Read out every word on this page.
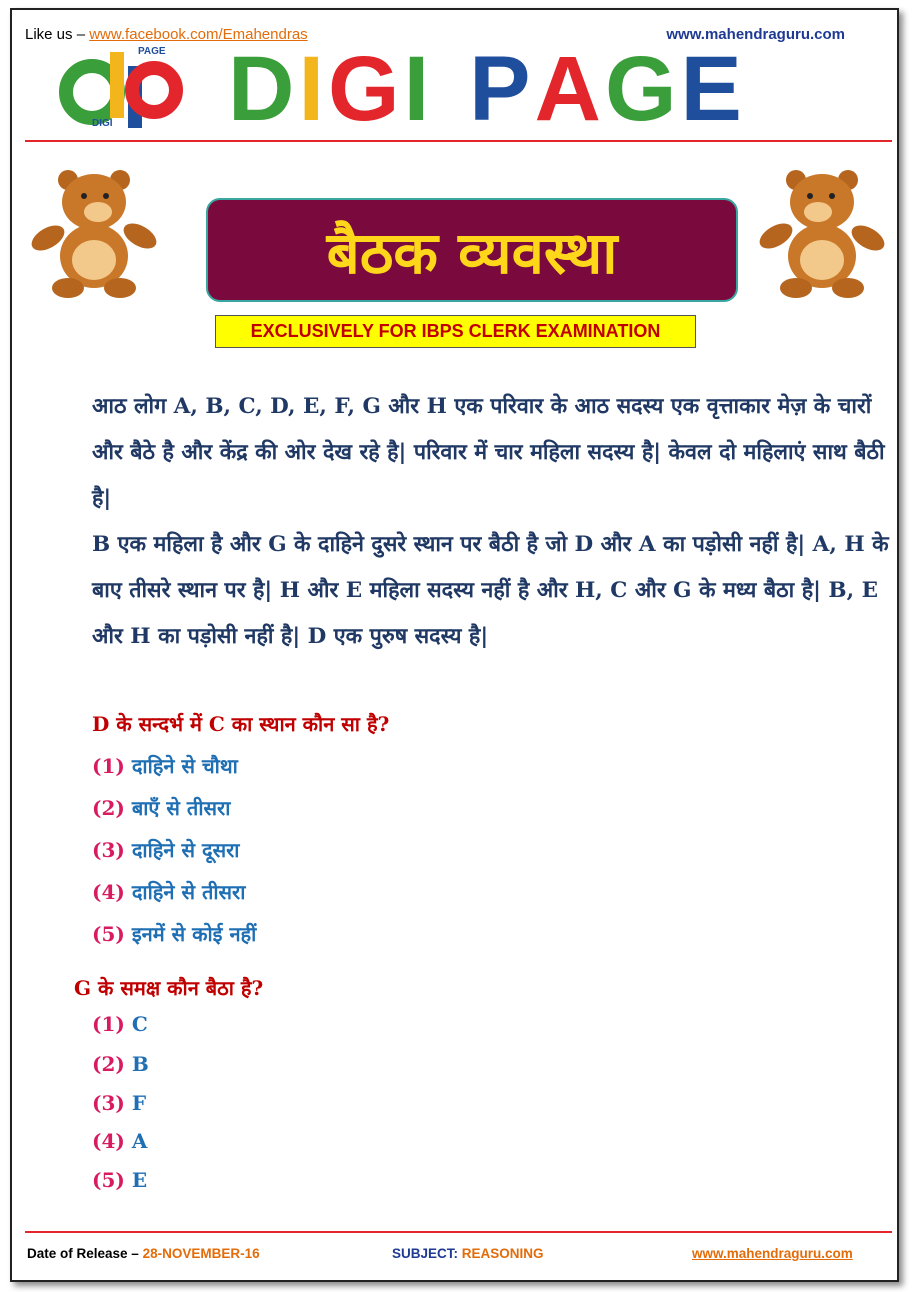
Like us – www.facebook.com/Emahendras	www.mahendraguru.com
PAGE
DIGI DIGI PAGE
बैठक व्यवस्था
EXCLUSIVELY FOR IBPS CLERK EXAMINATION

आठ लोग A, B, C, D, E, F, G और H एक परिवार के आठ सदस्य एक वृत्ताकार मेज़ के चारों और बैठे है और केंद्र की ओर देख रहे है| परिवार में चार महिला सदस्य है| केवल दो महिलाएं साथ बैठी है|

B एक महिला है और G के दाहिने दुसरे स्थान पर बैठी है जो D और A का पड़ोसी नहीं है| A, H के बाए तीसरे स्थान पर है| H और E महिला सदस्य नहीं है और H, C और G के मध्य बैठा है| B, E और H का पड़ोसी नहीं है| D एक पुरुष सदस्य है|

D के सन्दर्भ में C का स्थान कौन सा है?
(1) दाहिने से चौथा
(2) बाएँ से तीसरा
(3) दाहिने से दूसरा
(4) दाहिने से तीसरा
(5) इनमें से कोई नहीं
G के समक्ष कौन बैठा है?
(1) C
(2) B
(3) F
(4) A
(5) E
Date of Release – 28-NOVEMBER-16	SUBJECT: REASONING	www.mahendraguru.com
